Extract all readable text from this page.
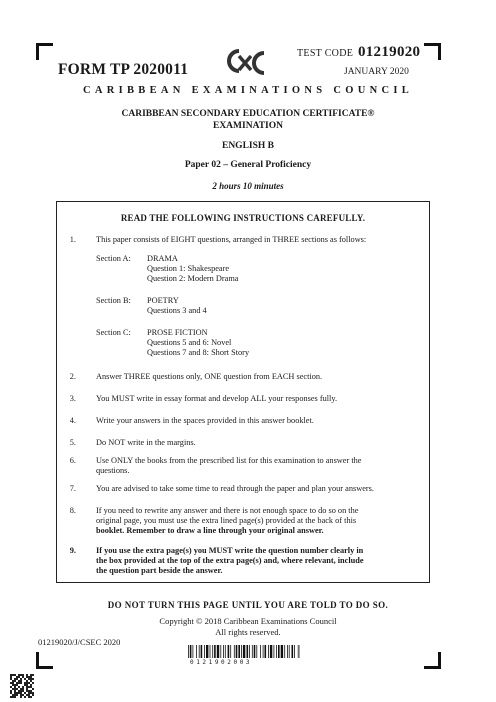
TEST CODE 01219020
FORM TP 2020011	JANUARY 2020
CARIBBEAN EXAMINATIONS COUNCIL
CARIBBEAN SECONDARY EDUCATION CERTIFICATE®
EXAMINATION
ENGLISH B
Paper 02 – General Proficiency
2 hours 10 minutes
READ THE FOLLOWING INSTRUCTIONS CAREFULLY.
1. This paper consists of EIGHT questions, arranged in THREE sections as follows:
Section A:	DRAMA
Question 1: Shakespeare
Question 2: Modern Drama
Section B:	POETRY
Questions 3 and 4
Section C:	PROSE FICTION
Questions 5 and 6: Novel
Questions 7 and 8: Short Story
2. Answer THREE questions only, ONE question from EACH section.
3. You MUST write in essay format and develop ALL your responses fully.
4. Write your answers in the spaces provided in this answer booklet.
5. Do NOT write in the margins.
6. Use ONLY the books from the prescribed list for this examination to answer the
questions.
7. You are advised to take some time to read through the paper and plan your answers.
8. If you need to rewrite any answer and there is not enough space to do so on the
original page, you must use the extra lined page(s) provided at the back of this
booklet. Remember to draw a line through your original answer.
9. If you use the extra page(s) you MUST write the question number clearly in
the box provided at the top of the extra page(s) and, where relevant, include
the question part beside the answer.
DO NOT TURN THIS PAGE UNTIL YOU ARE TOLD TO DO SO.
Copyright © 2018 Caribbean Examinations Council
All rights reserved.
01219020/J/CSEC 2020
0121902003
